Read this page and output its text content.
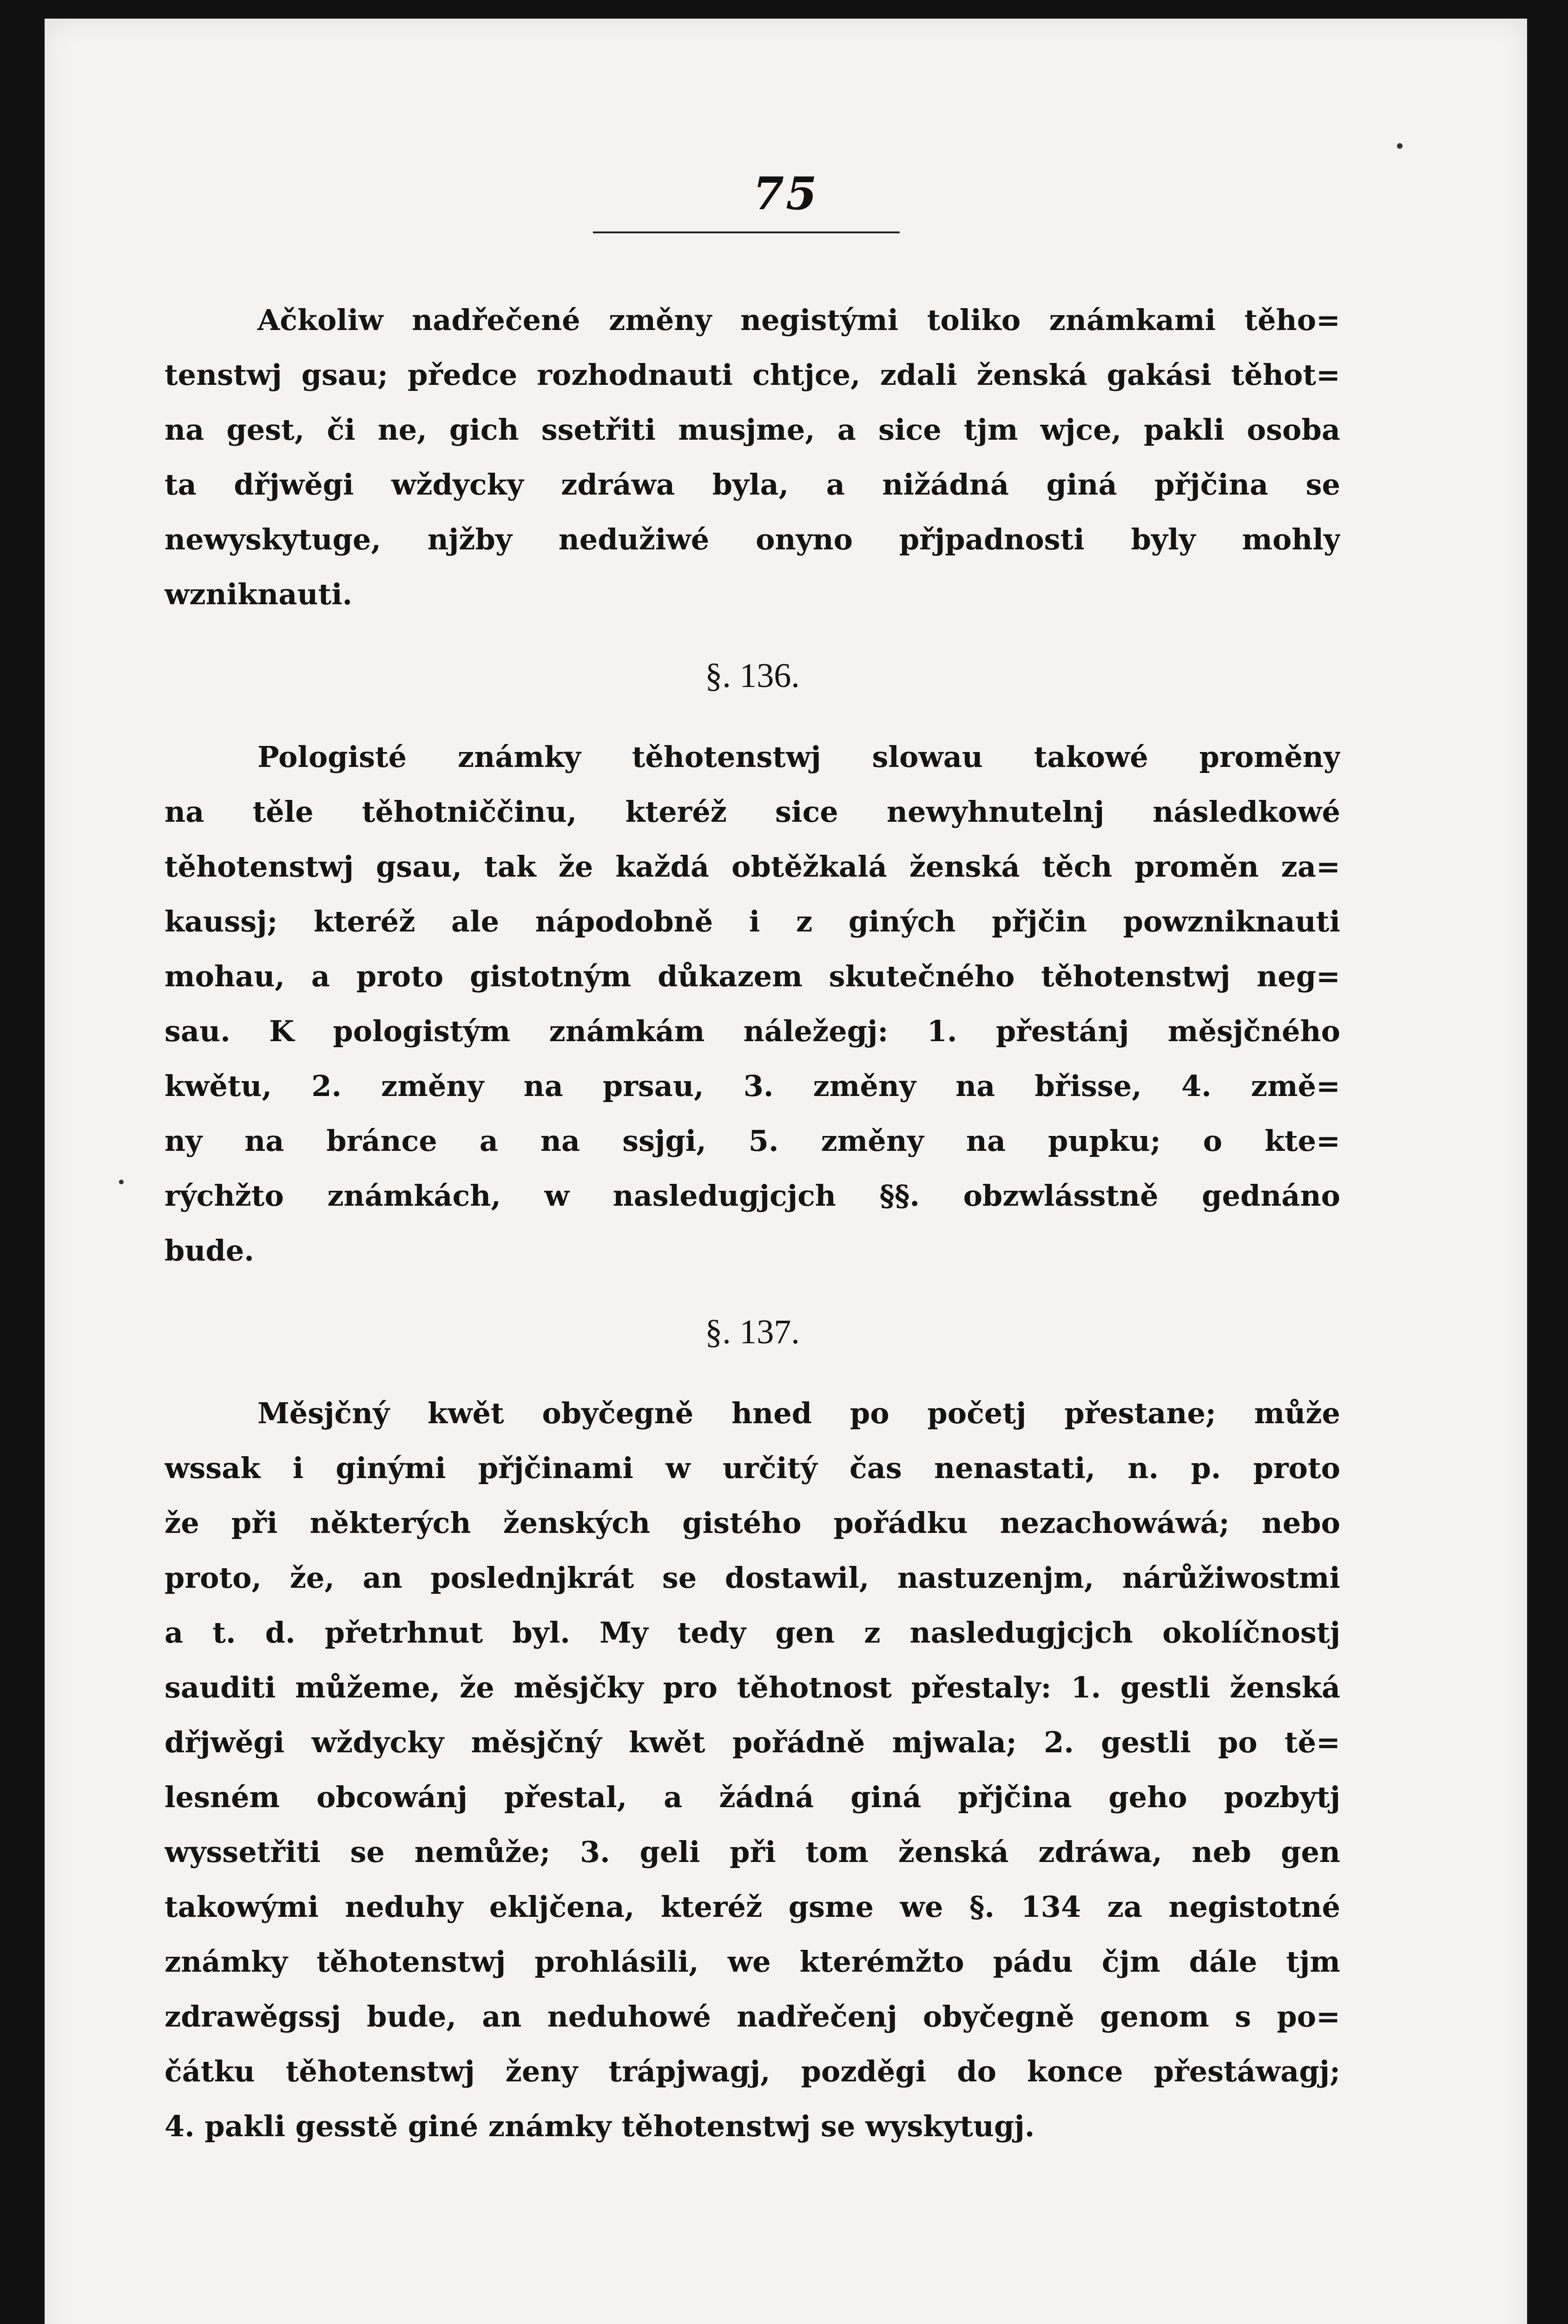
75

Ačkoliw nadřečené změny negistými toliko známkami těho=
tenstwj gsau; předce rozhodnauti chtjce, zdali ženská gakási těhot=
na gest, či ne, gich ssetřiti musjme, a sice tjm wjce, pakli osoba
ta dřjwěgi wždycky zdráwa byla, a nižádná giná přjčina se
newyskytuge, njžby nedužiwé onyno přjpadnosti byly mohly
wzniknauti.

§. 136.

Pologisté známky těhotenstwj slowau takowé proměny
na těle těhotniččinu, kteréž sice newyhnutelnj následkowé
těhotenstwj gsau, tak že každá obtěžkalá ženská těch proměn za=
kaussj; kteréž ale nápodobně i z giných přjčin powzniknauti
mohau, a proto gistotným důkazem skutečného těhotenstwj neg=
sau. K pologistým známkám náležegj: 1. přestánj měsjčného
kwětu, 2. změny na prsau, 3. změny na břisse, 4. změ=
ny na bránce a na ssjgi, 5. změny na pupku; o kte=
rýchžto známkách, w nasledugjcjch §§. obzwlásstně gednáno
bude.

§. 137.

Měsjčný kwět obyčegně hned po početj přestane; může
wssak i ginými přjčinami w určitý čas nenastati, n. p. proto
že při některých ženských gistého pořádku nezachowáwá; nebo
proto, že, an poslednjkrát se dostawil, nastuzenjm, nárůžiwostmi
a t. d. přetrhnut byl. My tedy gen z nasledugjcjch okolíčnostj
sauditi můžeme, že měsjčky pro těhotnost přestaly: 1. gestli ženská
dřjwěgi wždycky měsjčný kwět pořádně mjwala; 2. gestli po tě=
lesném obcowánj přestal, a žádná giná přjčina geho pozbytj
wyssetřiti se nemůže; 3. geli při tom ženská zdráwa, neb gen
takowými neduhy ekljčena, kteréž gsme we §. 134 za negistotné
známky těhotenstwj prohlásili, we kterémžto pádu čjm dále tjm
zdrawěgssj bude, an neduhowé nadřečenj obyčegně genom s po=
čátku těhotenstwj ženy trápjwagj, pozděgi do konce přestáwagj;
4. pakli gesstě giné známky těhotenstwj se wyskytugj.
